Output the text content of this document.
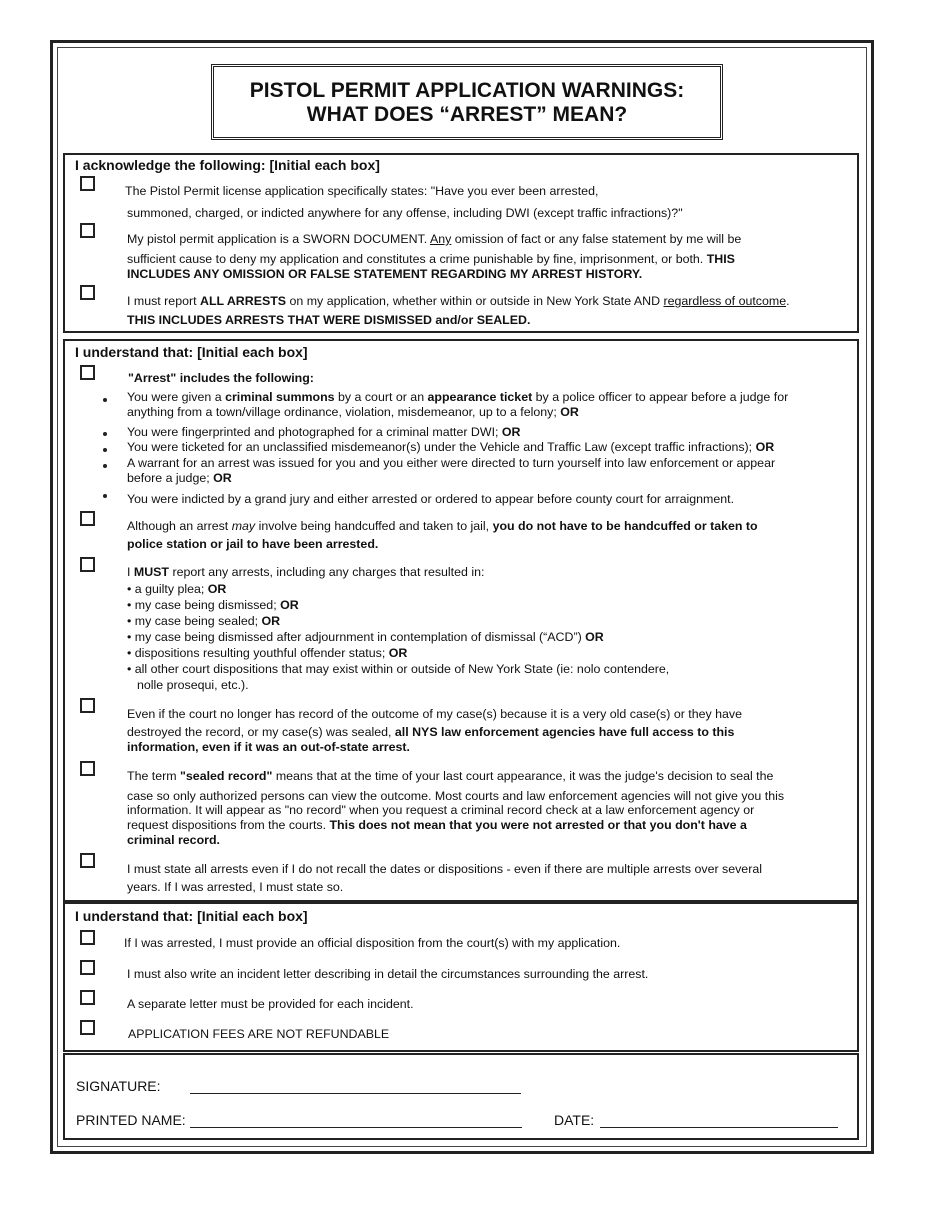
PISTOL PERMIT APPLICATION WARNINGS:
WHAT DOES “ARREST” MEAN?
I acknowledge the following: [Initial each box]
The Pistol Permit license application specifically states: "Have you ever been arrested,
summoned, charged, or indicted anywhere for any offense, including DWI (except traffic infractions)?"
My pistol permit application is a SWORN DOCUMENT. Any omission of fact or any false statement by me will be
sufficient cause to deny my application and constitutes a crime punishable by fine, imprisonment, or both. THIS
INCLUDES ANY OMISSION OR FALSE STATEMENT REGARDING MY ARREST HISTORY.
I must report ALL ARRESTS on my application, whether within or outside in New York State AND regardless of outcome.
THIS INCLUDES ARRESTS THAT WERE DISMISSED and/or SEALED.
I understand that: [Initial each box]
"Arrest" includes the following:
You were given a criminal summons by a court or an appearance ticket by a police officer to appear before a judge for
anything from a town/village ordinance, violation, misdemeanor, up to a felony; OR
You were fingerprinted and photographed for a criminal matter DWI; OR
You were ticketed for an unclassified misdemeanor(s) under the Vehicle and Traffic Law (except traffic infractions); OR
A warrant for an arrest was issued for you and you either were directed to turn yourself into law enforcement or appear
before a judge; OR
You were indicted by a grand jury and either arrested or ordered to appear before county court for arraignment.
Although an arrest may involve being handcuffed and taken to jail, you do not have to be handcuffed or taken to
police station or jail to have been arrested.
I MUST report any arrests, including any charges that resulted in:
• a guilty plea; OR
• my case being dismissed; OR
• my case being sealed; OR
• my case being dismissed after adjournment in contemplation of dismissal (“ACD”) OR
• dispositions resulting youthful offender status; OR
• all other court dispositions that may exist within or outside of New York State (ie: nolo contendere,
nolle prosequi, etc.).
Even if the court no longer has record of the outcome of my case(s) because it is a very old case(s) or they have
destroyed the record, or my case(s) was sealed, all NYS law enforcement agencies have full access to this
information, even if it was an out-of-state arrest.
The term "sealed record" means that at the time of your last court appearance, it was the judge's decision to seal the
case so only authorized persons can view the outcome. Most courts and law enforcement agencies will not give you this
information. It will appear as "no record" when you request a criminal record check at a law enforcement agency or
request dispositions from the courts. This does not mean that you were not arrested or that you don't have a
criminal record.
I must state all arrests even if I do not recall the dates or dispositions - even if there are multiple arrests over several
years. If I was arrested, I must state so.
I understand that: [Initial each box]
If I was arrested, I must provide an official disposition from the court(s) with my application.
I must also write an incident letter describing in detail the circumstances surrounding the arrest.
A separate letter must be provided for each incident.
APPLICATION FEES ARE NOT REFUNDABLE
SIGNATURE:
PRINTED NAME:	DATE:
